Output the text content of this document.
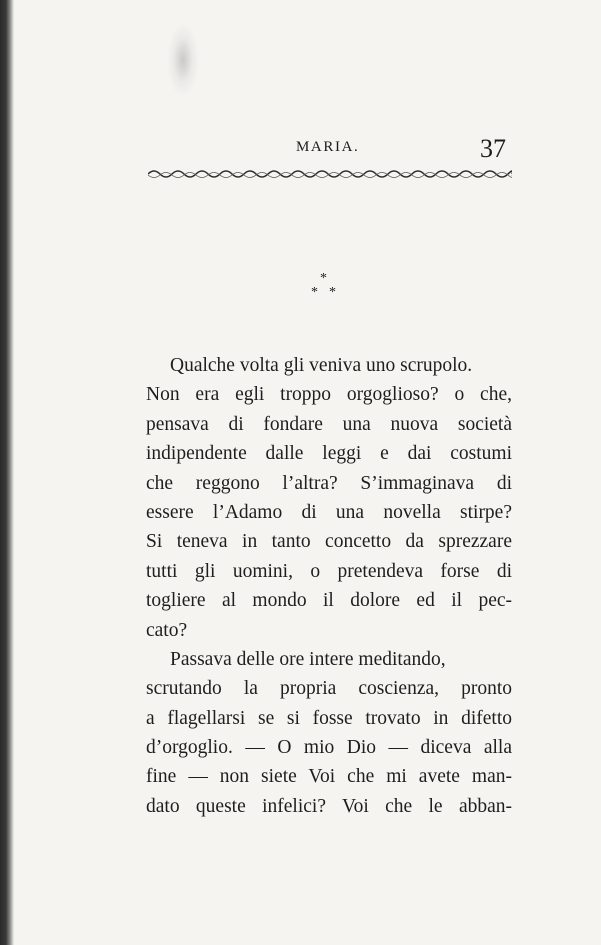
MARIA.	37
*
* *
Qualche volta gli veniva uno scrupolo.
Non era egli troppo orgoglioso? o che,
pensava di fondare una nuova società
indipendente dalle leggi e dai costumi
che reggono l’altra? S’immaginava di
essere l’Adamo di una novella stirpe?
Si teneva in tanto concetto da sprezzare
tutti gli uomini, o pretendeva forse di
togliere al mondo il dolore ed il pec-
cato?
Passava delle ore intere meditando,
scrutando la propria coscienza, pronto
a flagellarsi se si fosse trovato in difetto
d’orgoglio. — O mio Dio — diceva alla
fine — non siete Voi che mi avete man-
dato queste infelici? Voi che le abban-
